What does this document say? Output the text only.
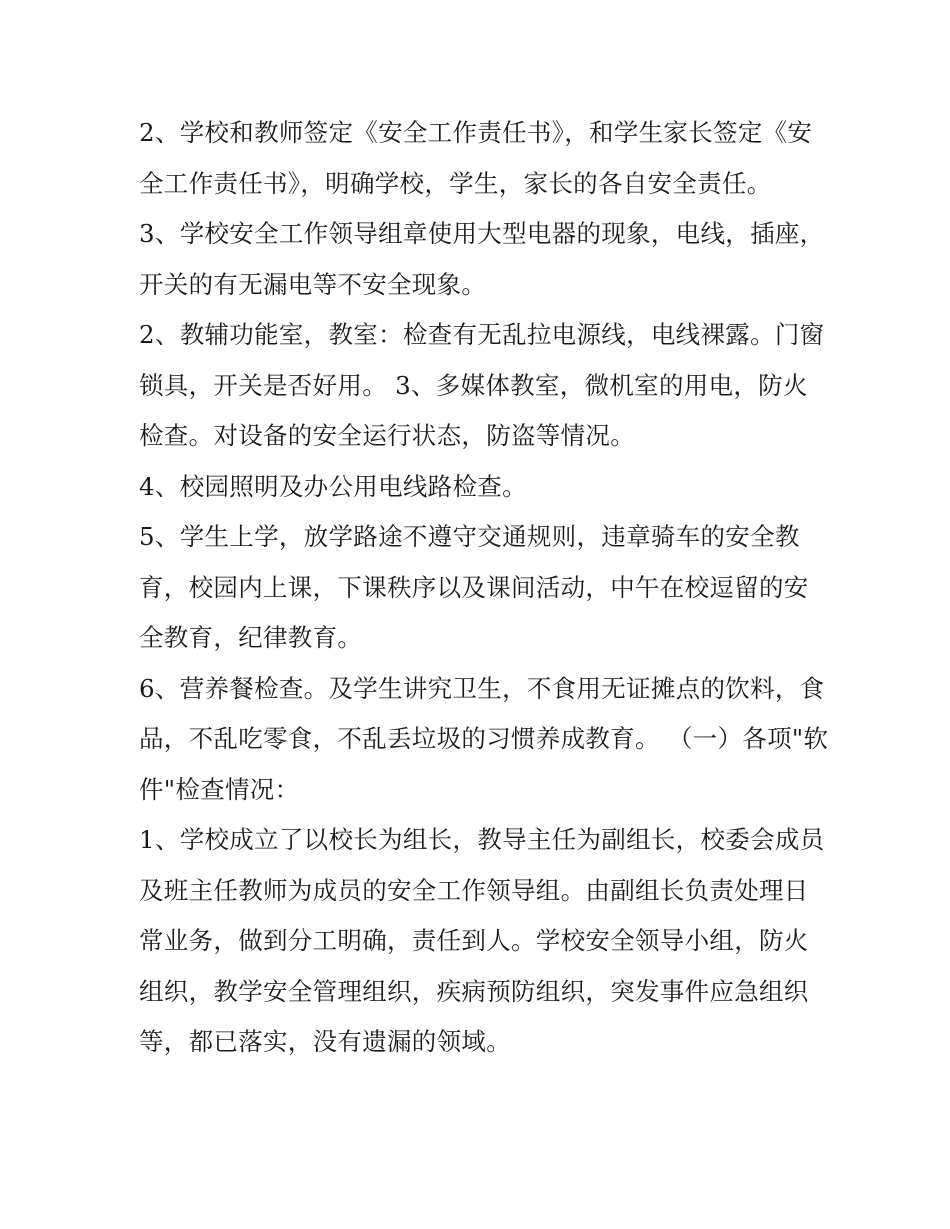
2、学校和教师签定《安全工作责任书》，和学生家长签定《安全工作责任书》，明确学校，学生，家长的各自安全责任。

3、学校安全工作领导组章使用大型电器的现象，电线，插座，开关的有无漏电等不安全现象。

2、教辅功能室，教室：检查有无乱拉电源线，电线裸露。门窗锁具，开关是否好用。 3、多媒体教室，微机室的用电，防火检查。对设备的安全运行状态，防盗等情况。

4、校园照明及办公用电线路检查。

5、学生上学，放学路途不遵守交通规则，违章骑车的安全教育，校园内上课，下课秩序以及课间活动，中午在校逗留的安全教育，纪律教育。

6、营养餐检查。及学生讲究卫生，不食用无证摊点的饮料，食品，不乱吃零食，不乱丢垃圾的习惯养成教育。 （一）各项"软件"检查情况：

1、学校成立了以校长为组长，教导主任为副组长，校委会成员及班主任教师为成员的安全工作领导组。由副组长负责处理日常业务，做到分工明确，责任到人。学校安全领导小组，防火组织，教学安全管理组织，疾病预防组织，突发事件应急组织等，都已落实，没有遗漏的领域。
